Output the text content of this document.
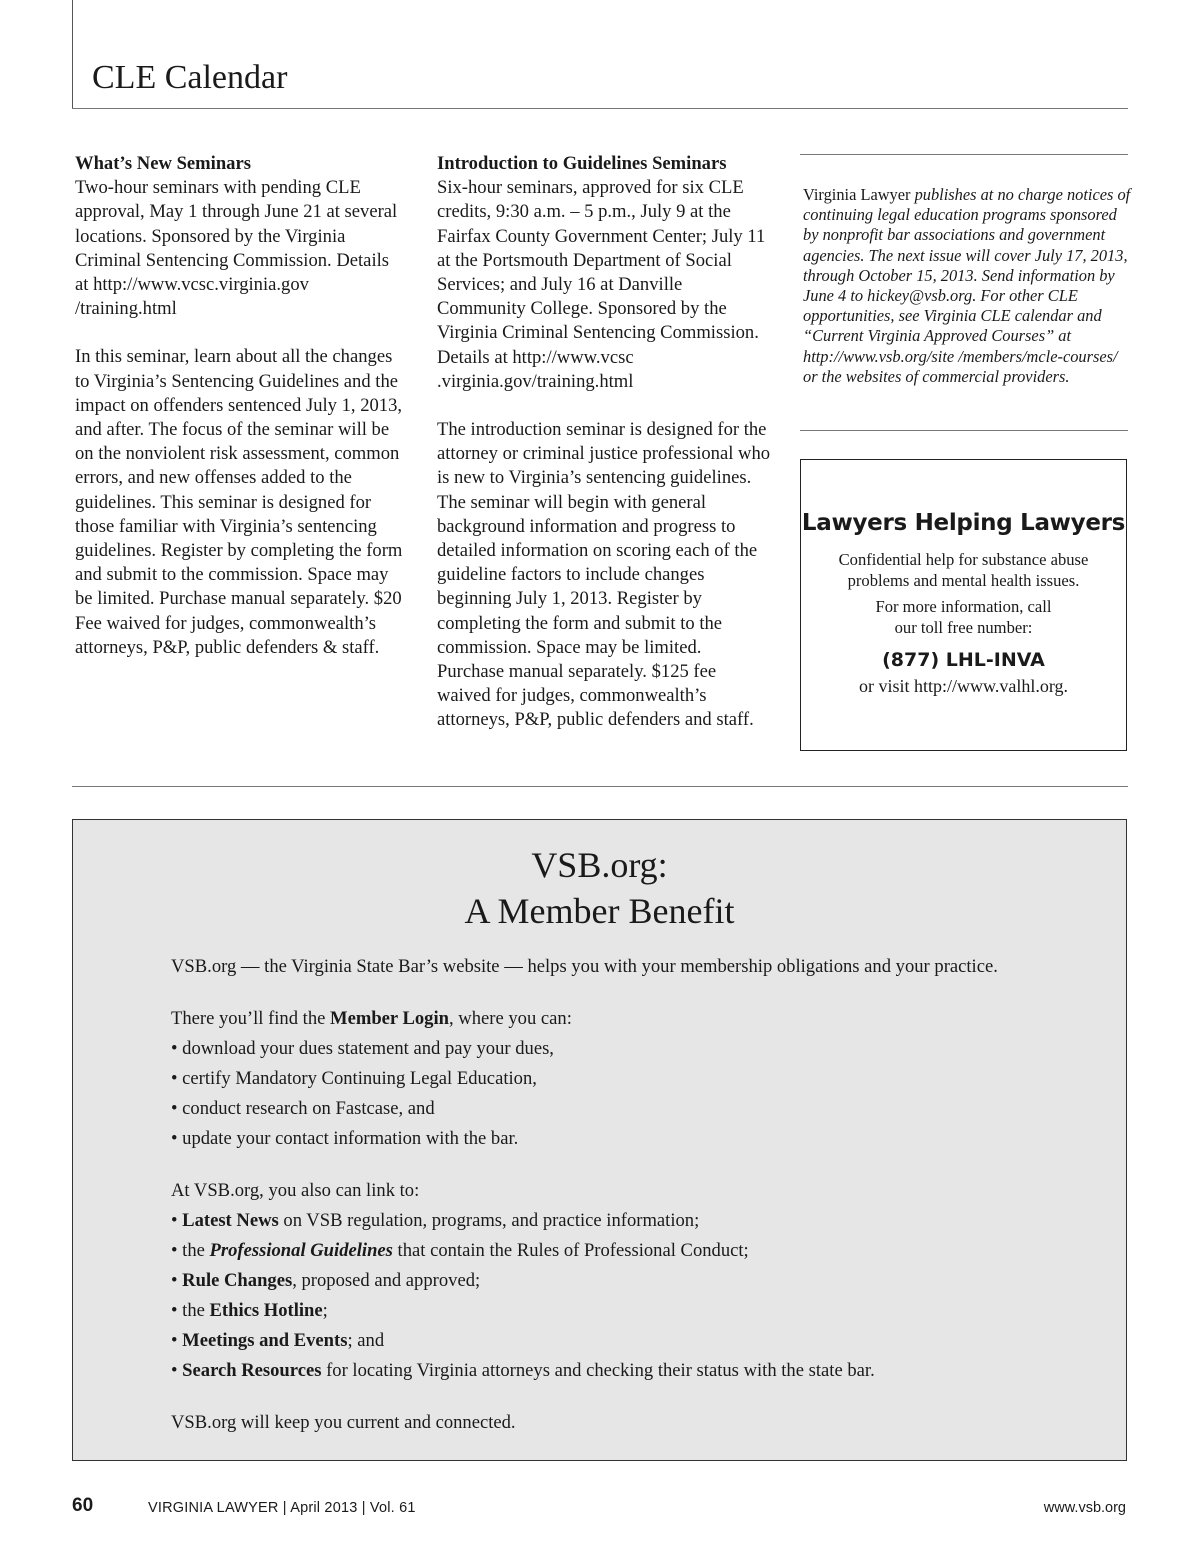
CLE Calendar
What’s New Seminars

Two-hour seminars with pending CLE approval, May 1 through June 21 at several locations. Sponsored by the Virginia Criminal Sentencing Commission. Details at http://www.vcsc.virginia.gov /training.html

In this seminar, learn about all the changes to Virginia’s Sentencing Guidelines and the impact on offenders sentenced July 1, 2013, and after. The focus of the seminar will be on the nonviolent risk assessment, common errors, and new offenses added to the guidelines. This seminar is designed for those familiar with Virginia’s sentencing guidelines. Register by completing the form and submit to the commission. Space may be limited. Purchase manual separately. $20 Fee waived for judges, commonwealth’s attorneys, P&P, public defenders & staff.

Introduction to Guidelines Seminars

Six-hour seminars, approved for six CLE credits, 9:30 a.m. – 5 p.m., July 9 at the Fairfax County Government Center; July 11 at the Portsmouth Department of Social Services; and July 16 at Danville Community College. Sponsored by the Virginia Criminal Sentencing Commission. Details at http://www.vcsc .virginia.gov/training.html

The introduction seminar is designed for the attorney or criminal justice professional who is new to Virginia’s sentencing guidelines. The seminar will begin with general background information and progress to detailed information on scoring each of the guideline factors to include changes beginning July 1, 2013. Register by completing the form and submit to the commission. Space may be limited. Purchase manual separately. $125 fee waived for judges, commonwealth’s attorneys, P&P, public defenders and staff.

Virginia Lawyer publishes at no charge notices of continuing legal education programs sponsored by nonprofit bar associations and government agencies. The next issue will cover July 17, 2013, through October 15, 2013. Send information by June 4 to hickey@vsb.org. For other CLE opportunities, see Virginia CLE calendar and “Current Virginia Approved Courses” at http://www.vsb.org/site /members/mcle-courses/ or the websites of commercial providers.
Lawyers Helping Lawyers
Confidential help for substance abuse problems and mental health issues.
For more information, call our toll free number:
(877) LHL-INVA
or visit http://www.valhl.org.
VSB.org:
A Member Benefit

VSB.org — the Virginia State Bar’s website — helps you with your membership obligations and your practice.

There you’ll find the Member Login, where you can:

• download your dues statement and pay your dues,

• certify Mandatory Continuing Legal Education,

• conduct research on Fastcase, and

• update your contact information with the bar.

At VSB.org, you also can link to:

• Latest News on VSB regulation, programs, and practice information;

• the Professional Guidelines that contain the Rules of Professional Conduct;

• Rule Changes, proposed and approved;

• the Ethics Hotline;

• Meetings and Events; and

• Search Resources for locating Virginia attorneys and checking their status with the state bar.

VSB.org will keep you current and connected.

60	VIRGINIA LAWYER | April 2013 | Vol. 61	www.vsb.org
